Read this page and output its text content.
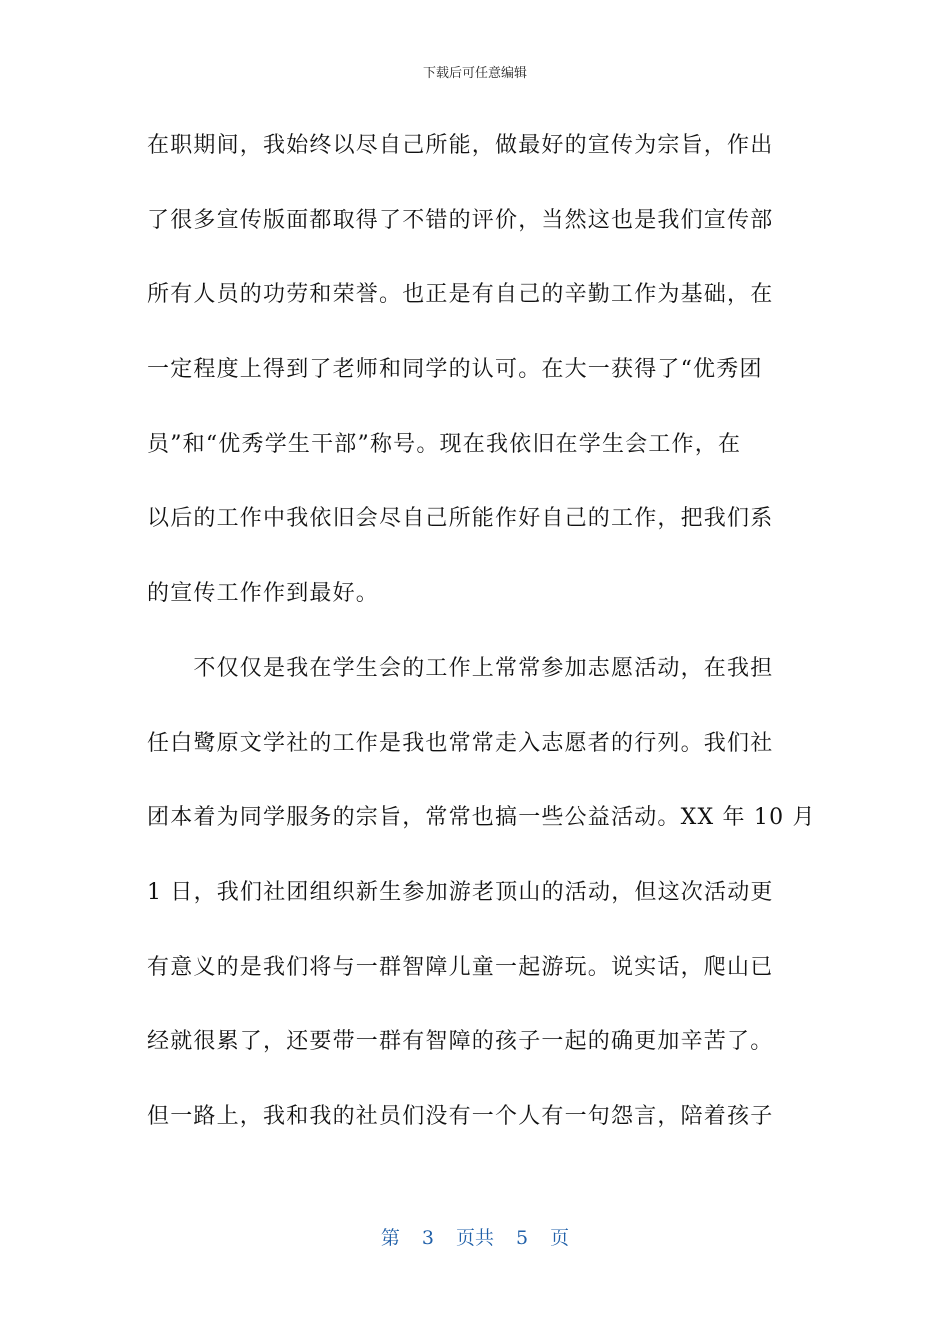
下载后可任意编辑
在职期间，我始终以尽自己所能，做最好的宣传为宗旨，作出
了很多宣传版面都取得了不错的评价，当然这也是我们宣传部
所有人员的功劳和荣誉。也正是有自己的辛勤工作为基础，在
一定程度上得到了老师和同学的认可。在大一获得了“优秀团
员”和“优秀学生干部”称号。现在我依旧在学生会工作，在
以后的工作中我依旧会尽自己所能作好自己的工作，把我们系
的宣传工作作到最好。
　　不仅仅是我在学生会的工作上常常参加志愿活动，在我担
任白鹭原文学社的工作是我也常常走入志愿者的行列。我们社
团本着为同学服务的宗旨，常常也搞一些公益活动。XX 年 10 月
1 日，我们社团组织新生参加游老顶山的活动，但这次活动更
有意义的是我们将与一群智障儿童一起游玩。说实话，爬山已
经就很累了，还要带一群有智障的孩子一起的确更加辛苦了。
但一路上，我和我的社员们没有一个人有一句怨言，陪着孩子
第 3 页共 5 页
